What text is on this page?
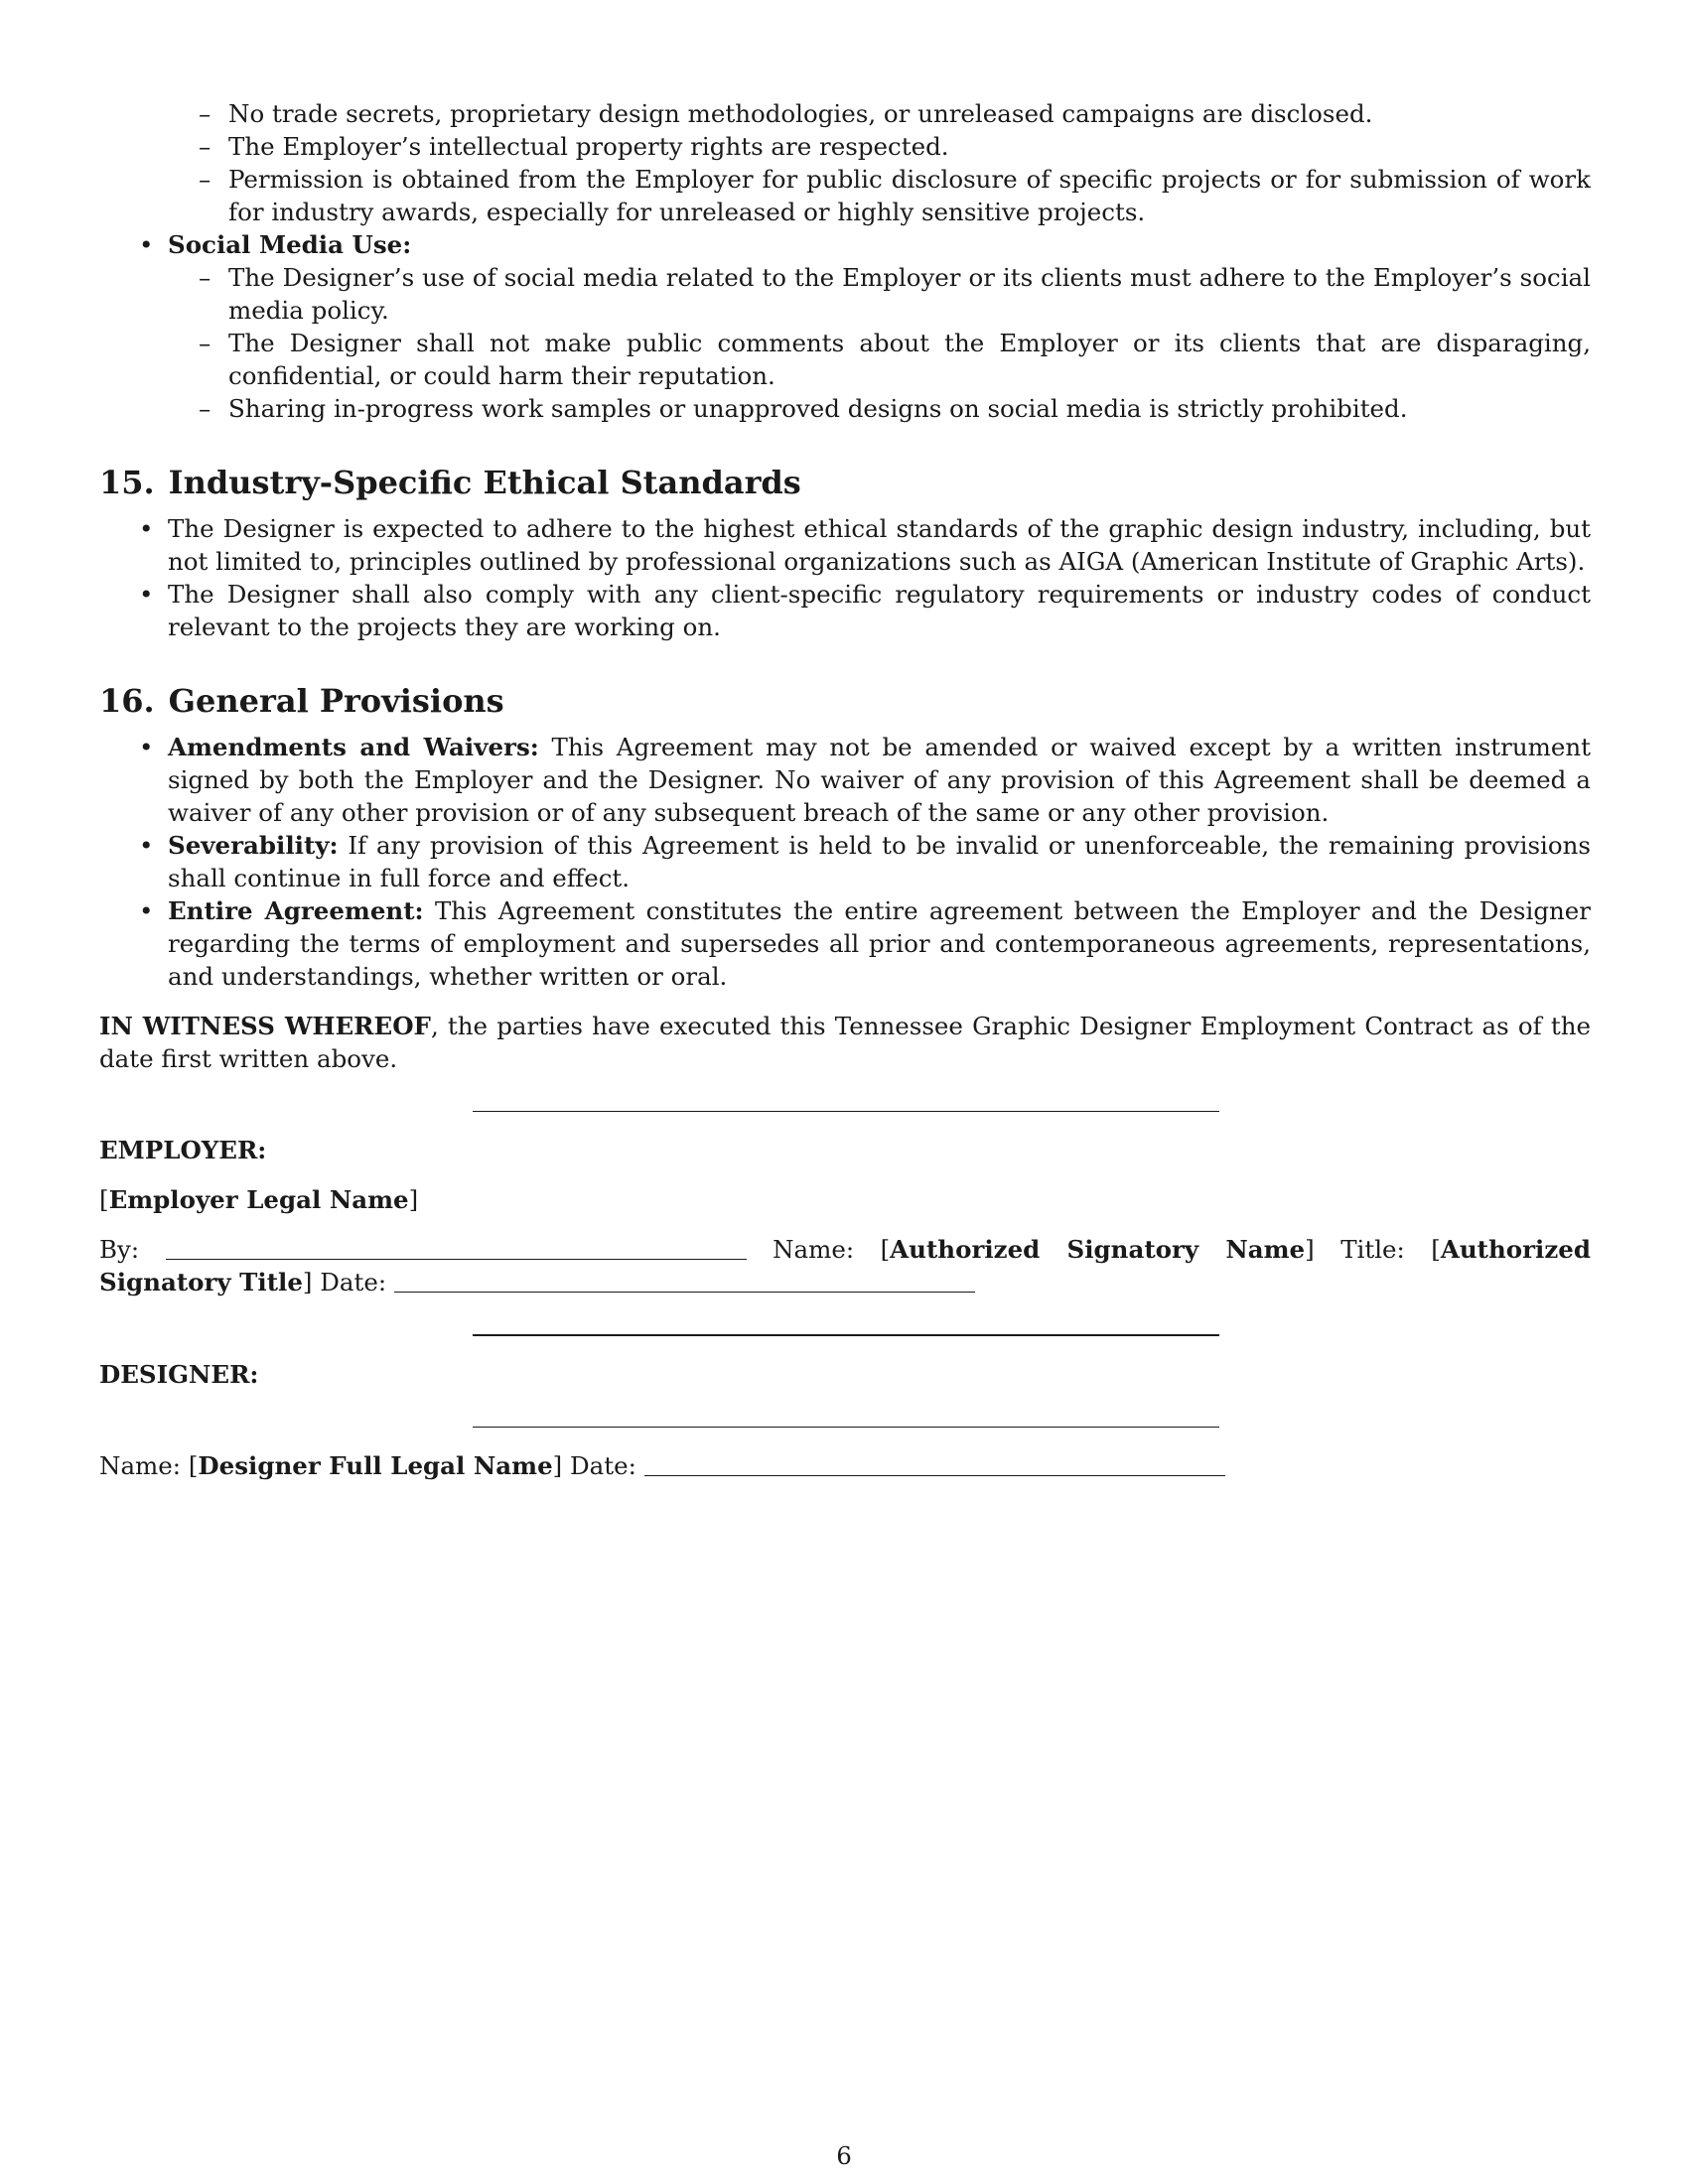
– No trade secrets, proprietary design methodologies, or unreleased campaigns are disclosed.
– The Employer’s intellectual property rights are respected.
– Permission is obtained from the Employer for public disclosure of specific projects or for submission of work for industry awards, especially for unreleased or highly sensitive projects.
• Social Media Use:
– The Designer’s use of social media related to the Employer or its clients must adhere to the Employer’s social media policy.
– The Designer shall not make public comments about the Employer or its clients that are disparaging, confidential, or could harm their reputation.
– Sharing in-progress work samples or unapproved designs on social media is strictly prohibited.
15. Industry-Specific Ethical Standards
• The Designer is expected to adhere to the highest ethical standards of the graphic design industry, including, but not limited to, principles outlined by professional organizations such as AIGA (American Institute of Graphic Arts).
• The Designer shall also comply with any client-specific regulatory requirements or industry codes of conduct relevant to the projects they are working on.
16. General Provisions
• Amendments and Waivers: This Agreement may not be amended or waived except by a written instrument signed by both the Employer and the Designer. No waiver of any provision of this Agreement shall be deemed a waiver of any other provision or of any subsequent breach of the same or any other provision.
• Severability: If any provision of this Agreement is held to be invalid or unenforceable, the remaining provisions shall continue in full force and effect.
• Entire Agreement: This Agreement constitutes the entire agreement between the Employer and the Designer regarding the terms of employment and supersedes all prior and contemporaneous agreements, representations, and understandings, whether written or oral.
IN WITNESS WHEREOF, the parties have executed this Tennessee Graphic Designer Employment Contract as of the date first written above.
EMPLOYER:
[Employer Legal Name]
By:	Name: [Authorized Signatory Name] Title: [Authorized Signatory Title] Date:
DESIGNER:
Name: [Designer Full Legal Name] Date:
6
